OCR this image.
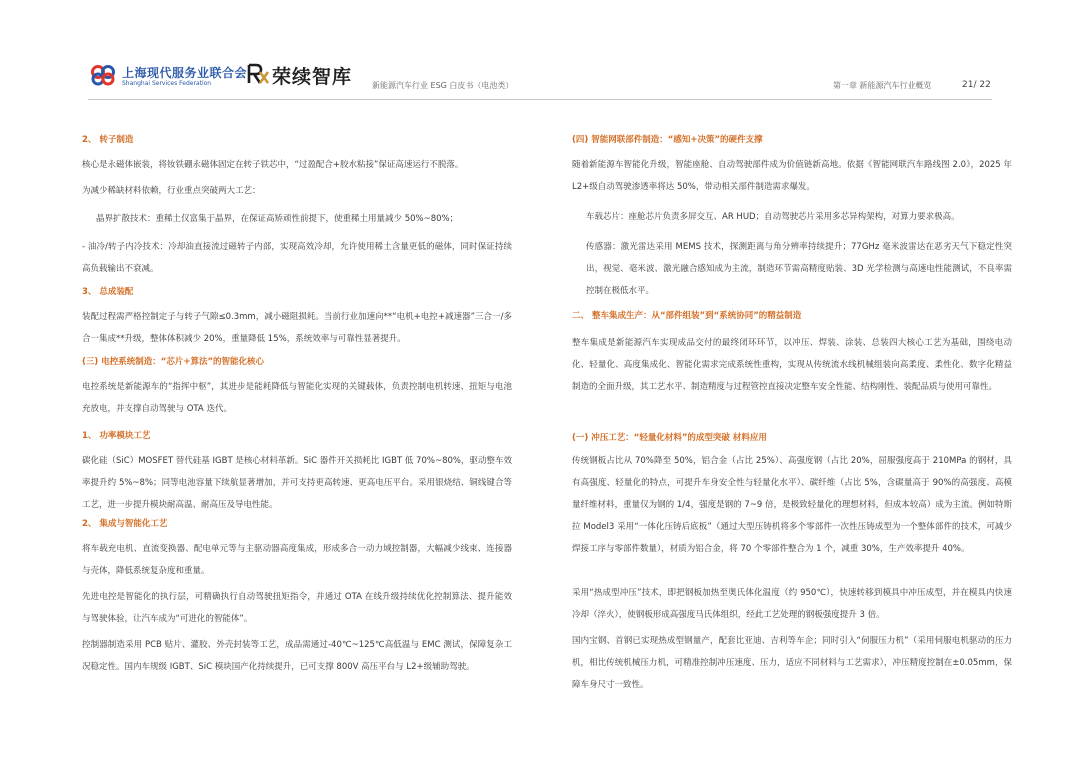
上海现代服务业联合会
Shanghai Services Federation	荣续智库 新能源汽车行业 ESG 白皮书（电池类）	第一章 新能源汽车行业概览	21/ 22
2、 转子制造
核心是永磁体嵌装，将钕铁硼永磁体固定在转子铁芯中，“过盈配合+胶水粘接”保证高速运行不脱落。
为减少稀缺材料依赖，行业重点突破两大工艺：
晶界扩散技术：重稀土仅富集于晶界，在保证高矫顽性前提下，使重稀土用量减少 50%~80%；
- 油冷/转子内冷技术：冷却油直接流过磁转子内部，实现高效冷却，允许使用稀土含量更低的磁体，同时保证持续高负载输出不衰减。
3、 总成装配
装配过程需严格控制定子与转子气隙≤0.3mm，减小磁阻损耗。当前行业加速向**“电机+电控+减速器”三合一/多合一集成**升级，整体体积减少 20%，重量降低 15%，系统效率与可靠性显著提升。
(三) 电控系统制造：“芯片+算法”的智能化核心
电控系统是新能源车的“指挥中枢”，其进步是能耗降低与智能化实现的关键载体，负责控制电机转速、扭矩与电池充放电，并支撑自动驾驶与 OTA 迭代。
1、 功率模块工艺
碳化硅（SiC）MOSFET 替代硅基 IGBT 是核心材料革新。SiC 器件开关损耗比 IGBT 低 70%~80%，驱动整车效率提升约 5%~8%；同等电池容量下续航显著增加，并可支持更高转速、更高电压平台。采用银烧结、铜线键合等工艺，进一步提升模块耐高温、耐高压及导电性能。
2、 集成与智能化工艺
将车载充电机、直流变换器、配电单元等与主驱动器高度集成，形成多合一动力域控制器，大幅减少线束、连接器与壳体，降低系统复杂度和重量。
先进电控是智能化的执行层，可精确执行自动驾驶扭矩指令，并通过 OTA 在线升级持续优化控制算法、提升能效与驾驶体验，让汽车成为“可进化的智能体”。
控制器制造采用 PCB 贴片、灌胶、外壳封装等工艺，成品需通过-40℃~125℃高低温与 EMC 测试，保障复杂工况稳定性。国内车规级 IGBT、SiC 模块国产化持续提升，已可支撑 800V 高压平台与 L2+级辅助驾驶。
(四) 智能网联部件制造：“感知+决策”的硬件支撑
随着新能源车智能化升级，智能座舱、自动驾驶部件成为价值链新高地。依据《智能网联汽车路线图 2.0》，2025 年 L2+级自动驾驶渗透率将达 50%，带动相关部件制造需求爆发。
车载芯片：座舱芯片负责多屏交互、AR HUD；自动驾驶芯片采用多芯异构架构，对算力要求极高。
传感器：激光雷达采用 MEMS 技术，探测距离与角分辨率持续提升；77GHz 毫米波雷达在恶劣天气下稳定性突出，视觉、毫米波、激光融合感知成为主流，制造环节需高精度贴装、3D 光学检测与高速电性能测试，不良率需控制在极低水平。
二、 整车集成生产：从“部件组装”到“系统协同”的精益制造
整车集成是新能源汽车实现成品交付的最终闭环环节，以冲压、焊装、涂装、总装四大核心工艺为基础，围绕电动化、轻量化、高度集成化、智能化需求完成系统性重构，实现从传统流水线机械组装向高柔度、柔性化、数字化精益制造的全面升级，其工艺水平、制造精度与过程管控直接决定整车安全性能、结构刚性、装配品质与使用可靠性。
(一) 冲压工艺：“轻量化材料”的成型突破 材料应用
传统钢板占比从 70%降至 50%，铝合金（占比 25%）、高强度钢（占比 20%，屈服强度高于 210MPa 的钢材，具有高强度、轻量化的特点，可提升车身安全性与轻量化水平）、碳纤维（占比 5%，含碳量高于 90%的高强度、高模量纤维材料，重量仅为钢的 1/4，强度是钢的 7~9 倍，是极致轻量化的理想材料，但成本较高）成为主流。例如特斯拉 Model3 采用“一体化压铸后底板”（通过大型压铸机将多个零部件一次性压铸成型为一个整体部件的技术，可减少焊接工序与零部件数量），材质为铝合金，将 70 个零部件整合为 1 个，减重 30%，生产效率提升 40%。
采用“热成型冲压”技术，即把钢板加热至奥氏体化温度（约 950℃），快速转移到模具中冲压成型，并在模具内快速冷却（淬火），使钢板形成高强度马氏体组织，经此工艺处理的钢板强度提升 3 倍。
国内宝钢、首钢已实现热成型钢量产，配套比亚迪、吉利等车企；同时引入“伺服压力机”（采用伺服电机驱动的压力机，相比传统机械压力机，可精准控制冲压速度、压力，适应不同材料与工艺需求），冲压精度控制在±0.05mm，保障车身尺寸一致性。
